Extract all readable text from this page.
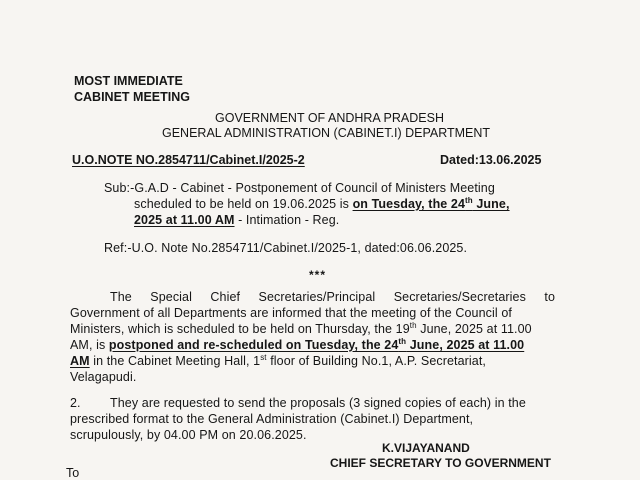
MOST IMMEDIATE
CABINET MEETING
GOVERNMENT OF ANDHRA PRADESH
GENERAL ADMINISTRATION (CABINET.I) DEPARTMENT
U.O.NOTE NO.2854711/Cabinet.I/2025-2	Dated:13.06.2025
Sub:-G.A.D - Cabinet - Postponement of Council of Ministers Meeting
scheduled to be held on 19.06.2025 is on Tuesday, the 24th June,
2025 at 11.00 AM - Intimation - Reg.
Ref:-U.O. Note No.2854711/Cabinet.I/2025-1, dated:06.06.2025.
***
The Special Chief Secretaries/Principal Secretaries/Secretaries to
Government of all Departments are informed that the meeting of the Council of
Ministers, which is scheduled to be held on Thursday, the 19th June, 2025 at 11.00
AM, is postponed and re-scheduled on Tuesday, the 24th June, 2025 at 11.00
AM in the Cabinet Meeting Hall, 1st floor of Building No.1, A.P. Secretariat,
Velagapudi.
2. They are requested to send the proposals (3 signed copies of each) in the
prescribed format to the General Administration (Cabinet.I) Department,
scrupulously, by 04.00 PM on 20.06.2025.
K.VIJAYANAND
CHIEF SECRETARY TO GOVERNMENT
To
